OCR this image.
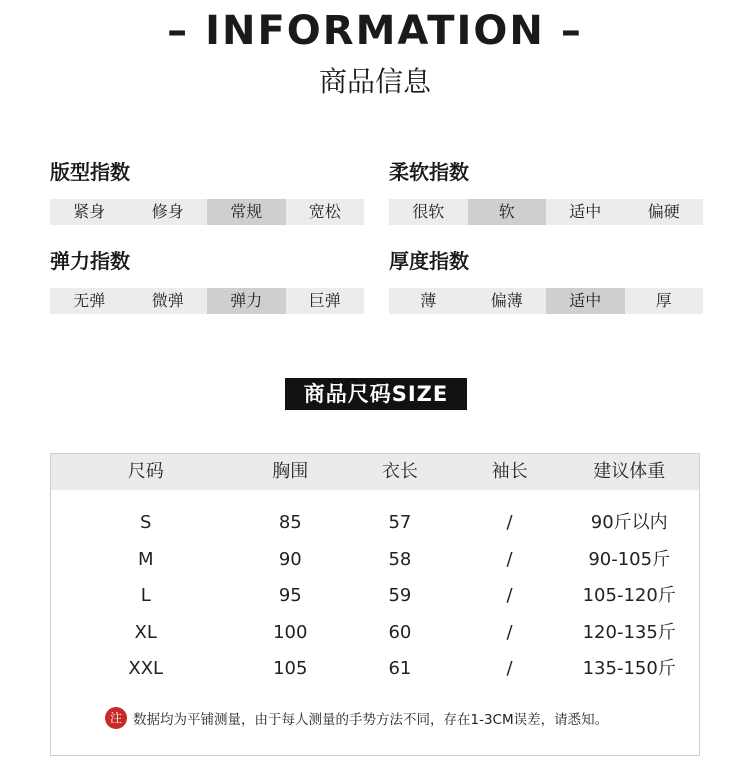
– INFORMATION –
商品信息
版型指数
紧身	修身	常规	宽松
柔软指数
很软	软	适中	偏硬
弹力指数
无弹	微弹	弹力	巨弹
厚度指数
薄	偏薄	适中	厚
商品尺码SIZE
尺码	胸围	衣长	袖长	建议体重
S	85	57	/	90斤以内
M	90	58	/	90-105斤
L	95	59	/	105-120斤
XL	100	60	/	120-135斤
XXL	105	61	/	135-150斤
注 数据均为平铺测量，由于每人测量的手势方法不同，存在1-3CM误差，请悉知。
